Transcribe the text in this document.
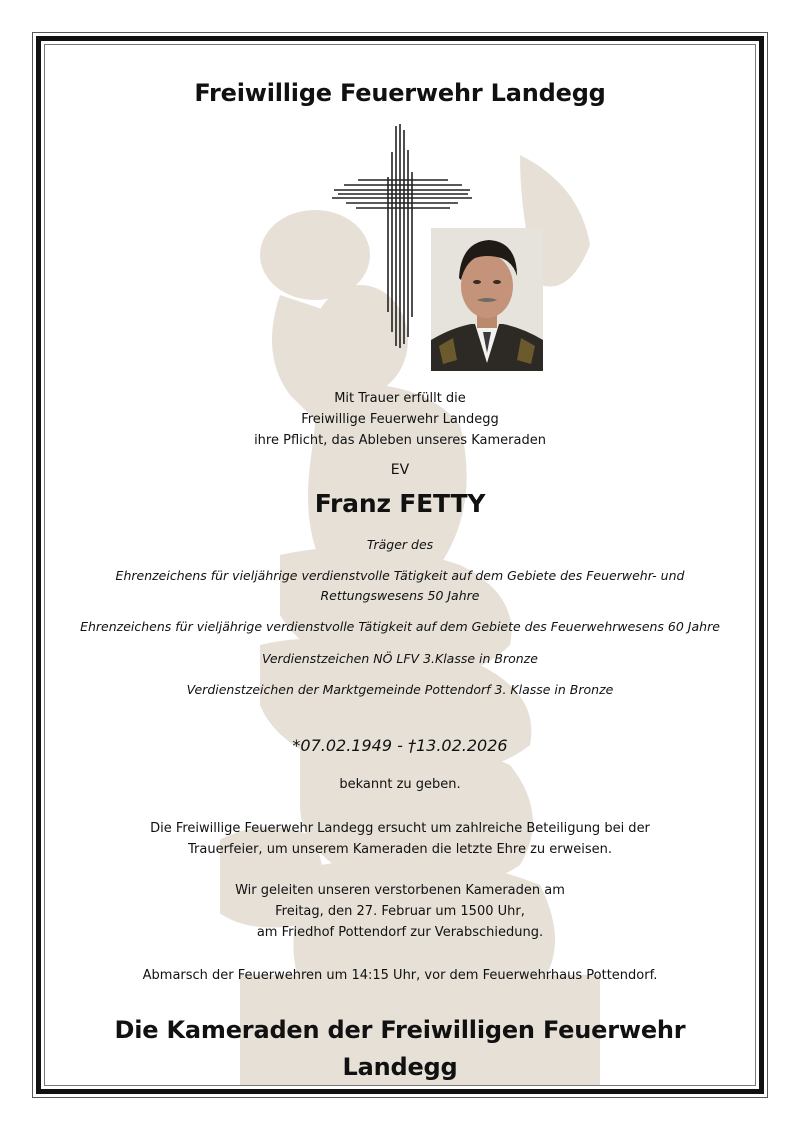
Freiwillige Feuerwehr Landegg
Mit Trauer erfüllt die
Freiwillige Feuerwehr Landegg
ihre Pflicht, das Ableben unseres Kameraden
EV
Franz FETTY
Träger des
Ehrenzeichens für vieljährige verdienstvolle Tätigkeit auf dem Gebiete des Feuerwehr- und
Rettungswesens 50 Jahre
Ehrenzeichens für vieljährige verdienstvolle Tätigkeit auf dem Gebiete des Feuerwehrwesens 60 Jahre
Verdienstzeichen NÖ LFV 3.Klasse in Bronze
Verdienstzeichen der Marktgemeinde Pottendorf 3. Klasse in Bronze
*07.02.1949 - †13.02.2026
bekannt zu geben.
Die Freiwillige Feuerwehr Landegg ersucht um zahlreiche Beteiligung bei der
Trauerfeier, um unserem Kameraden die letzte Ehre zu erweisen.
Wir geleiten unseren verstorbenen Kameraden am
Freitag, den 27. Februar um 1500 Uhr,
am Friedhof Pottendorf zur Verabschiedung.
Abmarsch der Feuerwehren um 14:15 Uhr, vor dem Feuerwehrhaus Pottendorf.
Die Kameraden der Freiwilligen Feuerwehr
Landegg
